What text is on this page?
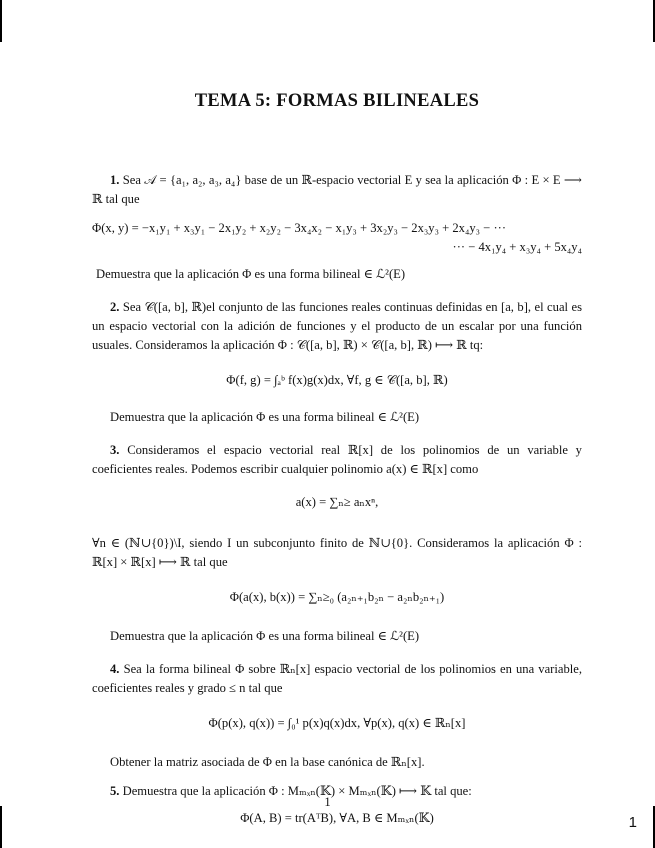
TEMA 5: FORMAS BILINEALES

1. Sea 𝒜 = {a₁, a₂, a₃, a₄} base de un ℝ-espacio vectorial E y sea la aplicación Φ : E × E ⟶ ℝ tal que

Φ(x, y) = −x₁y₁ + x₃y₁ − 2x₁y₂ + x₂y₂ − 3x₄x₂ − x₁y₃ + 3x₂y₃ − 2x₃y₃ + 2x₄y₃ − ···
··· − 4x₁y₄ + x₃y₄ + 5x₄y₄

Demuestra que la aplicación Φ es una forma bilineal ∈ ℒ²(E)

2. Sea 𝒞([a, b], ℝ)el conjunto de las funciones reales continuas definidas en [a, b], el cual es un espacio vectorial con la adición de funciones y el producto de un escalar por una función usuales. Consideramos la aplicación Φ : 𝒞([a, b], ℝ) × 𝒞([a, b], ℝ) ⟼ ℝ tq:

Φ(f, g) = ∫ₐᵇ f(x)g(x)dx, ∀f, g ∈ 𝒞([a, b], ℝ)

Demuestra que la aplicación Φ es una forma bilineal ∈ ℒ²(E)

3. Consideramos el espacio vectorial real ℝ[x] de los polinomios de un variable y coeficientes reales. Podemos escribir cualquier polinomio a(x) ∈ ℝ[x] como

a(x) = ∑ₙ≥ aₙxⁿ,

∀n ∈ (ℕ∪{0})\I, siendo I un subconjunto finito de ℕ∪{0}. Consideramos la aplicación Φ : ℝ[x] × ℝ[x] ⟼ ℝ tal que

Φ(a(x), b(x)) = ∑ₙ≥₀ (a₂ₙ₊₁b₂ₙ − a₂ₙb₂ₙ₊₁)

Demuestra que la aplicación Φ es una forma bilineal ∈ ℒ²(E)

4. Sea la forma bilineal Φ sobre ℝₙ[x] espacio vectorial de los polinomios en una variable, coeficientes reales y grado ≤ n tal que

Φ(p(x), q(x)) = ∫₀¹ p(x)q(x)dx, ∀p(x), q(x) ∈ ℝₙ[x]

Obtener la matriz asociada de Φ en la base canónica de ℝₙ[x].

5. Demuestra que la aplicación Φ : Mₘₓₙ(𝕂) × Mₘₓₙ(𝕂) ⟼ 𝕂 tal que:

Φ(A, B) = tr(AᵀB), ∀A, B ∈ Mₘₓₙ(𝕂)
1
1
